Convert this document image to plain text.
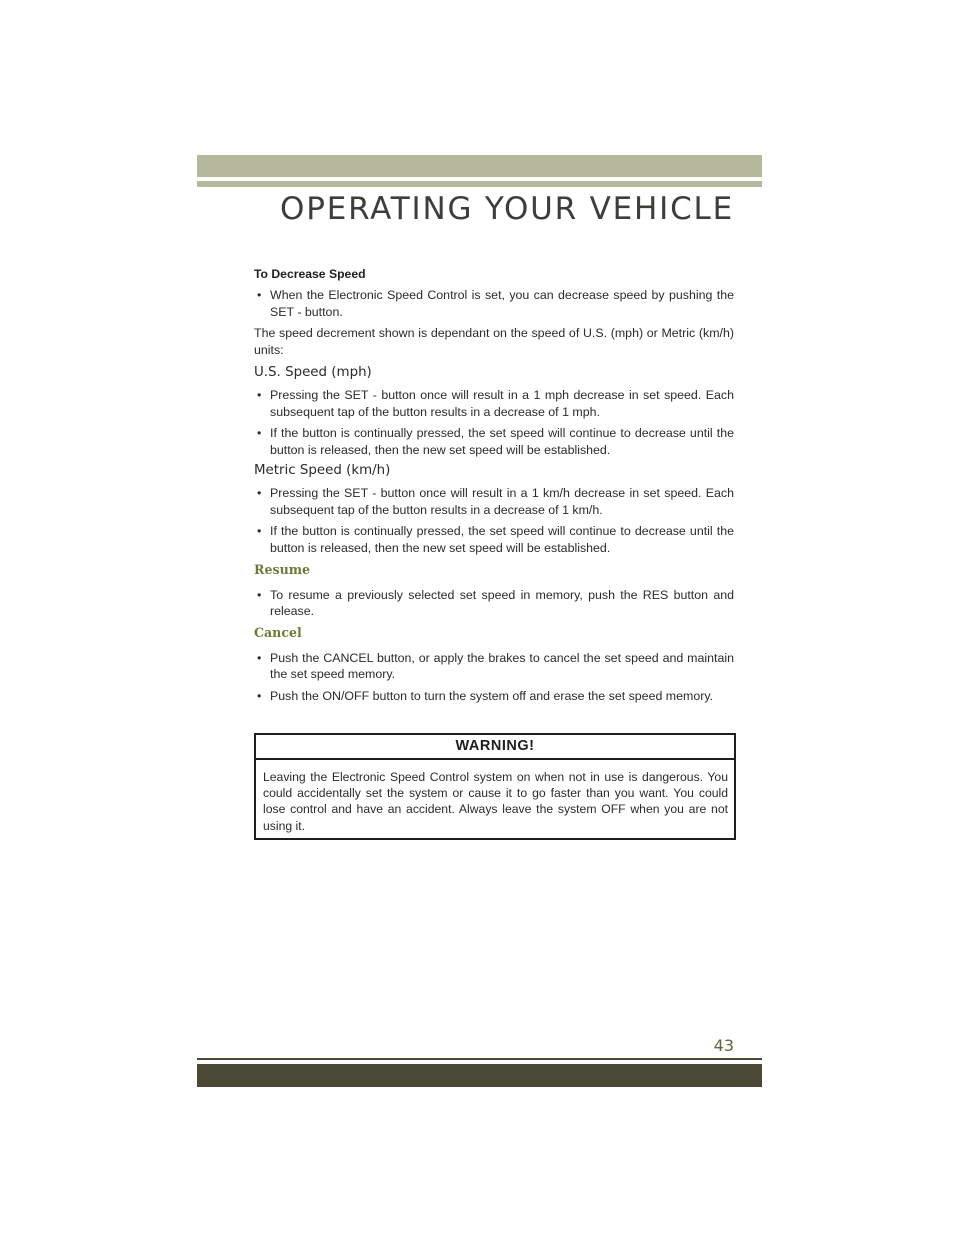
OPERATING YOUR VEHICLE
To Decrease Speed
• When the Electronic Speed Control is set, you can decrease speed by pushing the SET - button.
The speed decrement shown is dependant on the speed of U.S. (mph) or Metric (km/h) units:
U.S. Speed (mph)
• Pressing the SET - button once will result in a 1 mph decrease in set speed. Each subsequent tap of the button results in a decrease of 1 mph.
• If the button is continually pressed, the set speed will continue to decrease until the button is released, then the new set speed will be established.
Metric Speed (km/h)
• Pressing the SET - button once will result in a 1 km/h decrease in set speed. Each subsequent tap of the button results in a decrease of 1 km/h.
• If the button is continually pressed, the set speed will continue to decrease until the button is released, then the new set speed will be established.
Resume
• To resume a previously selected set speed in memory, push the RES button and release.
Cancel
• Push the CANCEL button, or apply the brakes to cancel the set speed and maintain the set speed memory.
• Push the ON/OFF button to turn the system off and erase the set speed memory.
WARNING!
Leaving the Electronic Speed Control system on when not in use is dangerous. You could accidentally set the system or cause it to go faster than you want. You could lose control and have an accident. Always leave the system OFF when you are not using it.
43
